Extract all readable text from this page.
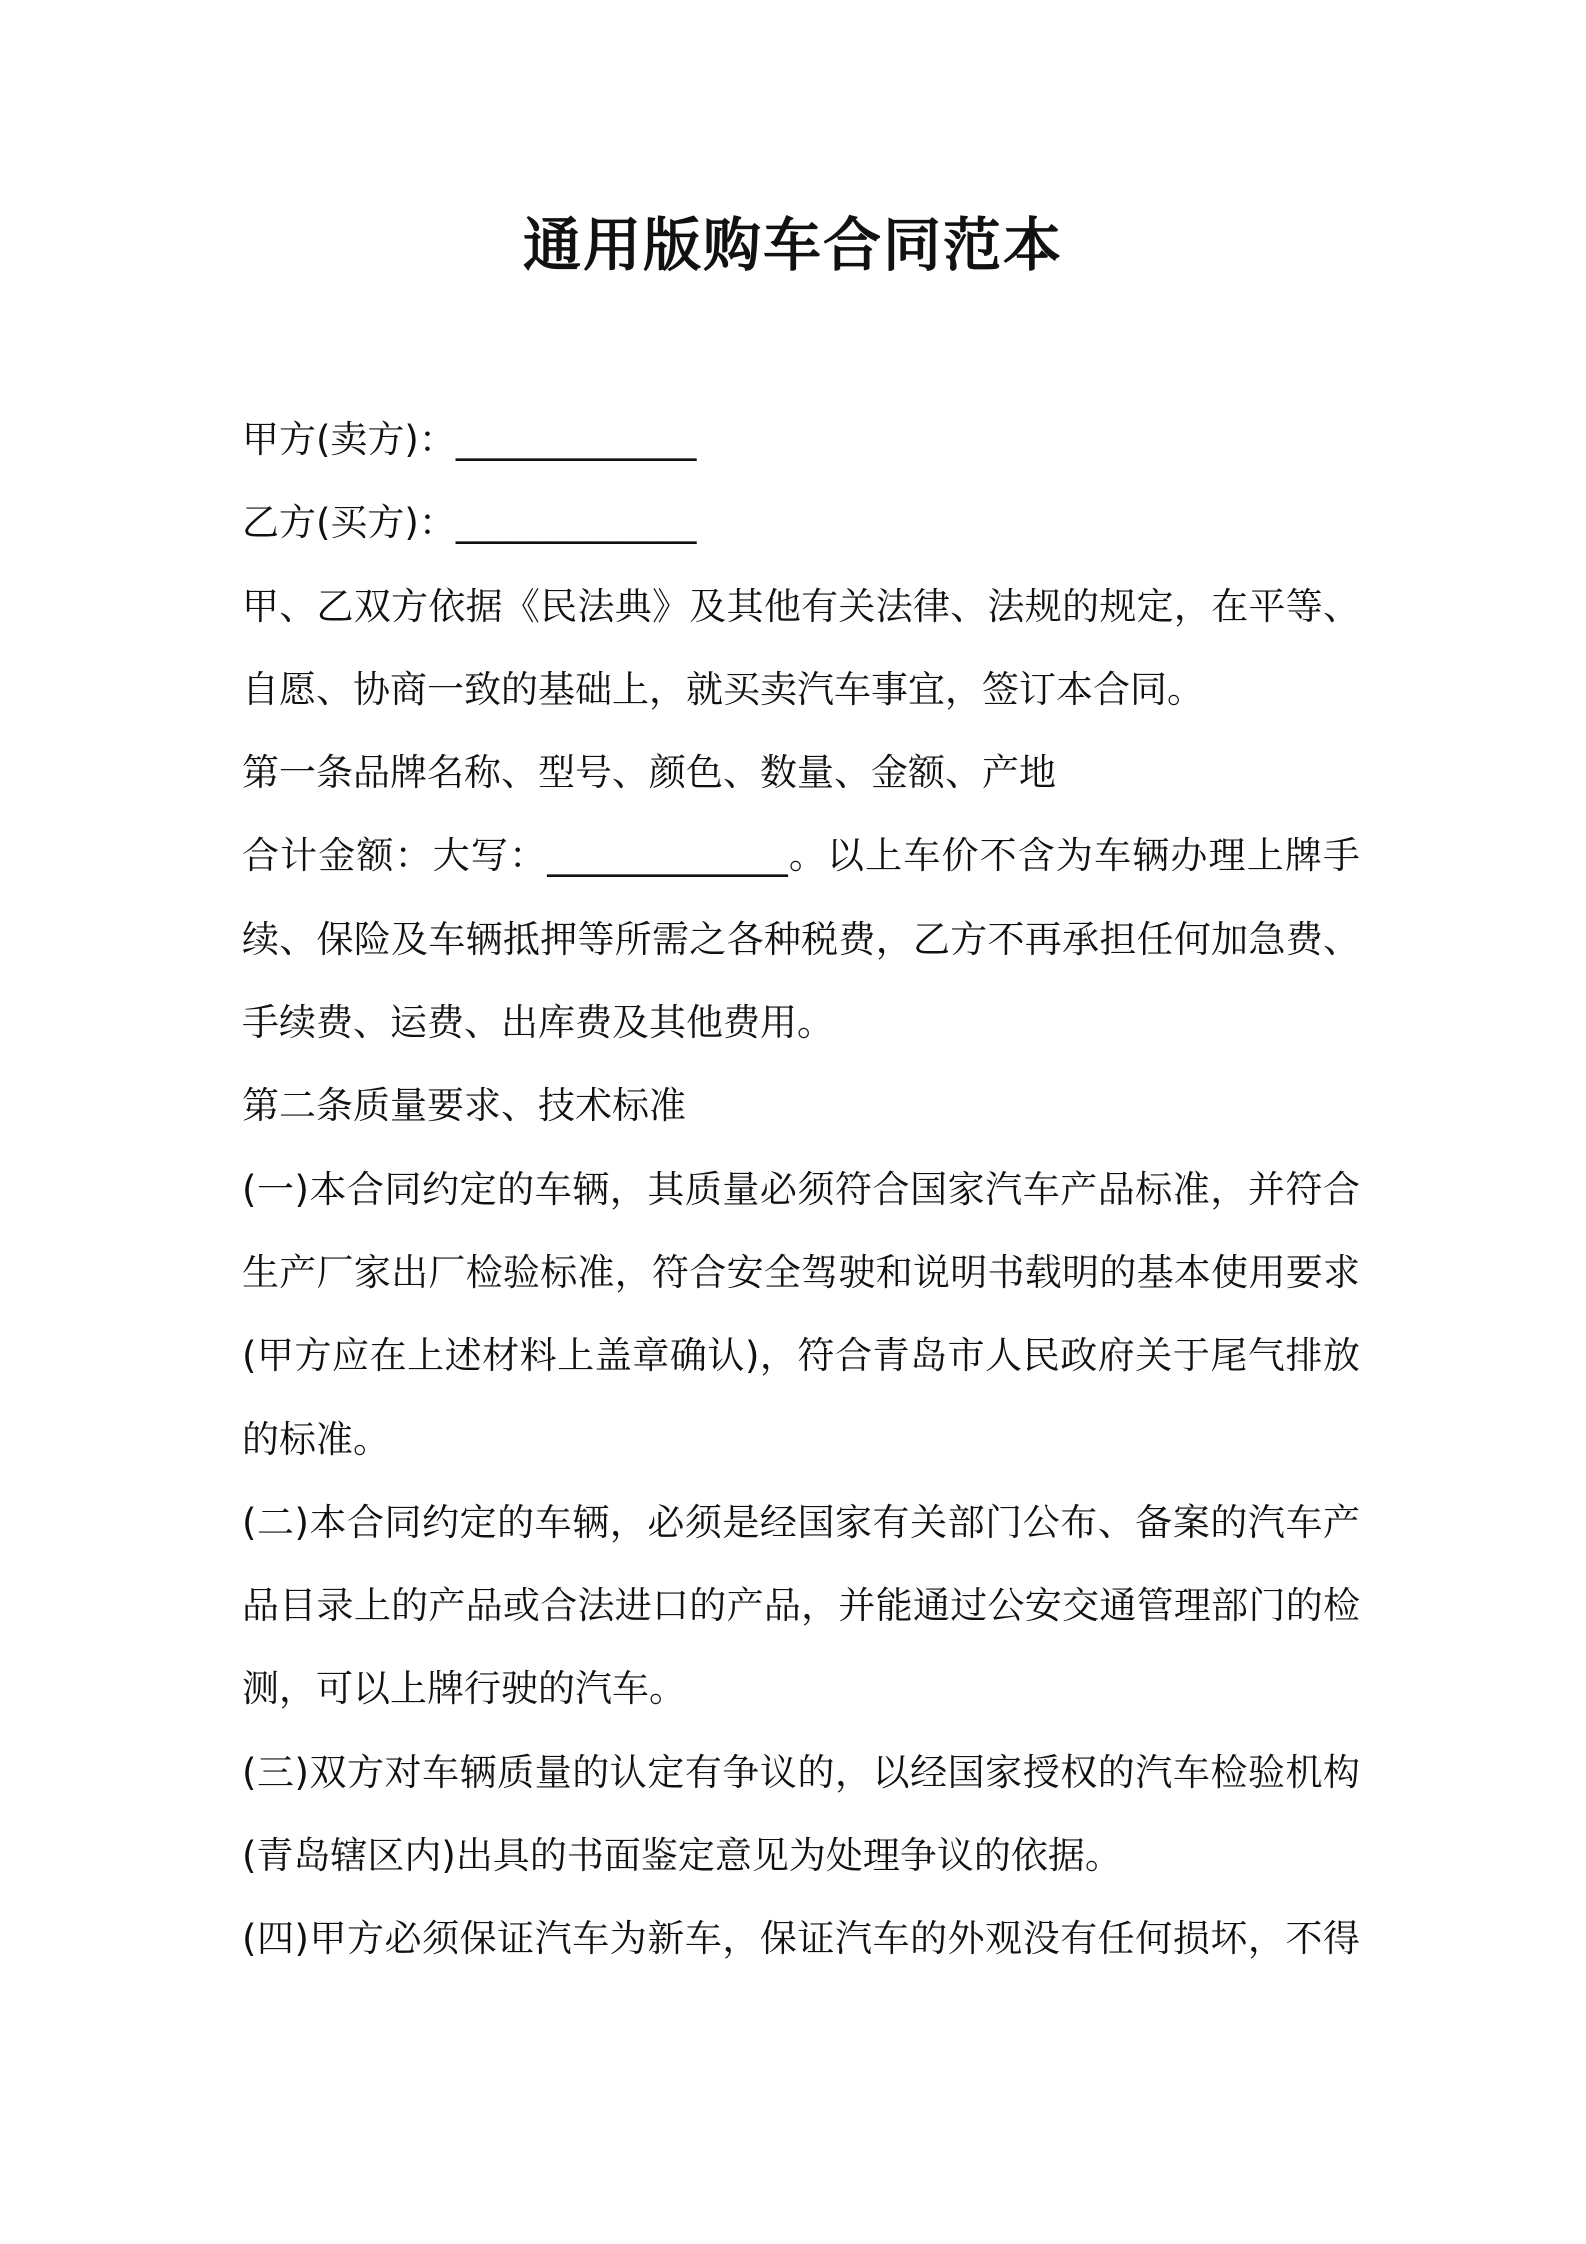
通用版购车合同范本
甲方(卖方)：_____________
乙方(买方)：_____________
甲、乙双方依据《民法典》及其他有关法律、法规的规定，在平等、
自愿、协商一致的基础上，就买卖汽车事宜，签订本合同。
第一条品牌名称、型号、颜色、数量、金额、产地
合计金额：大写：_____________。以上车价不含为车辆办理上牌手
续、保险及车辆抵押等所需之各种税费，乙方不再承担任何加急费、
手续费、运费、出库费及其他费用。
第二条质量要求、技术标准
(一)本合同约定的车辆，其质量必须符合国家汽车产品标准，并符合
生产厂家出厂检验标准，符合安全驾驶和说明书载明的基本使用要求
(甲方应在上述材料上盖章确认)，符合青岛市人民政府关于尾气排放
的标准。
(二)本合同约定的车辆，必须是经国家有关部门公布、备案的汽车产
品目录上的产品或合法进口的产品，并能通过公安交通管理部门的检
测，可以上牌行驶的汽车。
(三)双方对车辆质量的认定有争议的，以经国家授权的汽车检验机构
(青岛辖区内)出具的书面鉴定意见为处理争议的依据。
(四)甲方必须保证汽车为新车，保证汽车的外观没有任何损坏，不得
